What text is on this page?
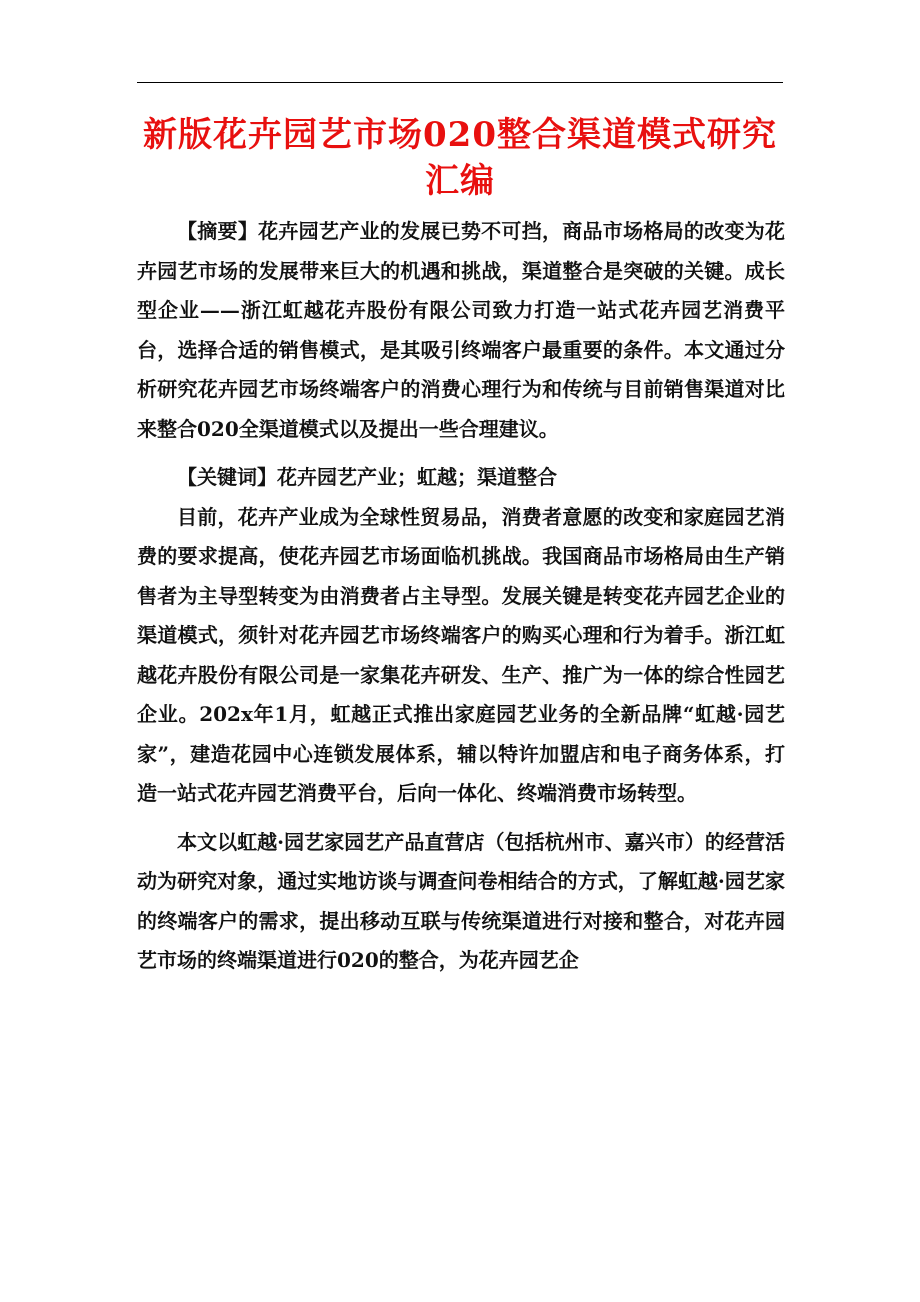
新版花卉园艺市场020整合渠道模式研究
汇编

【摘要】花卉园艺产业的发展已势不可挡，商品市场格局的改变为花卉园艺市场的发展带来巨大的机遇和挑战，渠道整合是突破的关键。成长型企业——浙江虹越花卉股份有限公司致力打造一站式花卉园艺消费平台，选择合适的销售模式，是其吸引终端客户最重要的条件。本文通过分析研究花卉园艺市场终端客户的消费心理行为和传统与目前销售渠道对比来整合020全渠道模式以及提出一些合理建议。

【关键词】花卉园艺产业；虹越；渠道整合

目前，花卉产业成为全球性贸易品，消费者意愿的改变和家庭园艺消费的要求提高，使花卉园艺市场面临机挑战。我国商品市场格局由生产销售者为主导型转变为由消费者占主导型。发展关键是转变花卉园艺企业的渠道模式，须针对花卉园艺市场终端客户的购买心理和行为着手。浙江虹越花卉股份有限公司是一家集花卉研发、生产、推广为一体的综合性园艺企业。202x年1月，虹越正式推出家庭园艺业务的全新品牌“虹越·园艺家”，建造花园中心连锁发展体系，辅以特许加盟店和电子商务体系，打造一站式花卉园艺消费平台，后向一体化、终端消费市场转型。

本文以虹越·园艺家园艺产品直营店（包括杭州市、嘉兴市）的经营活动为研究对象，通过实地访谈与调查问卷相结合的方式，了解虹越·园艺家的终端客户的需求，提出移动互联与传统渠道进行对接和整合，对花卉园艺市场的终端渠道进行020的整合，为花卉园艺企
